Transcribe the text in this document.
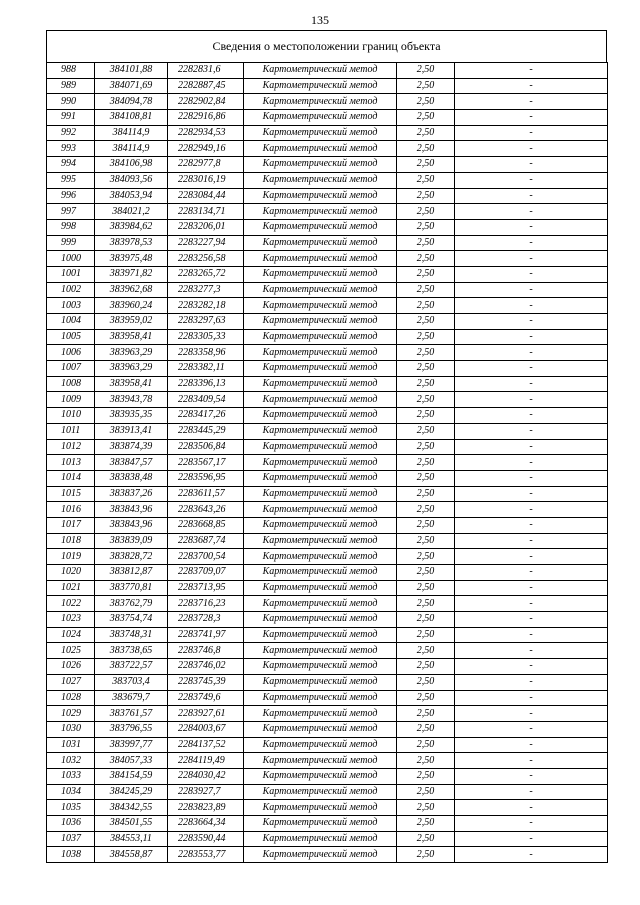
135
Сведения о местоположении границ объекта
988	384101,88	2282831,6	Картометрический метод	2,50	-
989	384071,69	2282887,45	Картометрический метод	2,50	-
990	384094,78	2282902,84	Картометрический метод	2,50	-
991	384108,81	2282916,86	Картометрический метод	2,50	-
992	384114,9	2282934,53	Картометрический метод	2,50	-
993	384114,9	2282949,16	Картометрический метод	2,50	-
994	384106,98	2282977,8	Картометрический метод	2,50	-
995	384093,56	2283016,19	Картометрический метод	2,50	-
996	384053,94	2283084,44	Картометрический метод	2,50	-
997	384021,2	2283134,71	Картометрический метод	2,50	-
998	383984,62	2283206,01	Картометрический метод	2,50	-
999	383978,53	2283227,94	Картометрический метод	2,50	-
1000	383975,48	2283256,58	Картометрический метод	2,50	-
1001	383971,82	2283265,72	Картометрический метод	2,50	-
1002	383962,68	2283277,3	Картометрический метод	2,50	-
1003	383960,24	2283282,18	Картометрический метод	2,50	-
1004	383959,02	2283297,63	Картометрический метод	2,50	-
1005	383958,41	2283305,33	Картометрический метод	2,50	-
1006	383963,29	2283358,96	Картометрический метод	2,50	-
1007	383963,29	2283382,11	Картометрический метод	2,50	-
1008	383958,41	2283396,13	Картометрический метод	2,50	-
1009	383943,78	2283409,54	Картометрический метод	2,50	-
1010	383935,35	2283417,26	Картометрический метод	2,50	-
1011	383913,41	2283445,29	Картометрический метод	2,50	-
1012	383874,39	2283506,84	Картометрический метод	2,50	-
1013	383847,57	2283567,17	Картометрический метод	2,50	-
1014	383838,48	2283596,95	Картометрический метод	2,50	-
1015	383837,26	2283611,57	Картометрический метод	2,50	-
1016	383843,96	2283643,26	Картометрический метод	2,50	-
1017	383843,96	2283668,85	Картометрический метод	2,50	-
1018	383839,09	2283687,74	Картометрический метод	2,50	-
1019	383828,72	2283700,54	Картометрический метод	2,50	-
1020	383812,87	2283709,07	Картометрический метод	2,50	-
1021	383770,81	2283713,95	Картометрический метод	2,50	-
1022	383762,79	2283716,23	Картометрический метод	2,50	-
1023	383754,74	2283728,3	Картометрический метод	2,50	-
1024	383748,31	2283741,97	Картометрический метод	2,50	-
1025	383738,65	2283746,8	Картометрический метод	2,50	-
1026	383722,57	2283746,02	Картометрический метод	2,50	-
1027	383703,4	2283745,39	Картометрический метод	2,50	-
1028	383679,7	2283749,6	Картометрический метод	2,50	-
1029	383761,57	2283927,61	Картометрический метод	2,50	-
1030	383796,55	2284003,67	Картометрический метод	2,50	-
1031	383997,77	2284137,52	Картометрический метод	2,50	-
1032	384057,33	2284119,49	Картометрический метод	2,50	-
1033	384154,59	2284030,42	Картометрический метод	2,50	-
1034	384245,29	2283927,7	Картометрический метод	2,50	-
1035	384342,55	2283823,89	Картометрический метод	2,50	-
1036	384501,55	2283664,34	Картометрический метод	2,50	-
1037	384553,11	2283590,44	Картометрический метод	2,50	-
1038	384558,87	2283553,77	Картометрический метод	2,50	-
